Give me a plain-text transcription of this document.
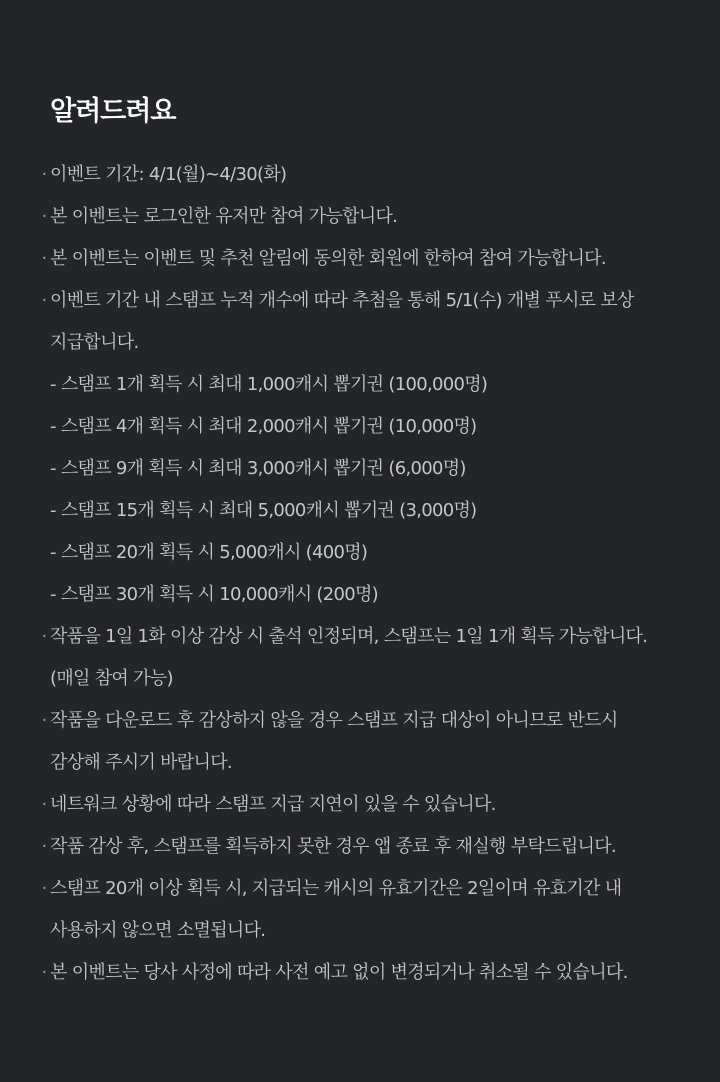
알려드려요
· 이벤트 기간: 4/1(월)~4/30(화)
· 본 이벤트는 로그인한 유저만 참여 가능합니다.
· 본 이벤트는 이벤트 및 추천 알림에 동의한 회원에 한하여 참여 가능합니다.
· 이벤트 기간 내 스탬프 누적 개수에 따라 추첨을 통해 5/1(수) 개별 푸시로 보상
지급합니다.
- 스탬프 1개 획득 시 최대 1,000캐시 뽑기권 (100,000명)
- 스탬프 4개 획득 시 최대 2,000캐시 뽑기권 (10,000명)
- 스탬프 9개 획득 시 최대 3,000캐시 뽑기권 (6,000명)
- 스탬프 15개 획득 시 최대 5,000캐시 뽑기권 (3,000명)
- 스탬프 20개 획득 시 5,000캐시 (400명)
- 스탬프 30개 획득 시 10,000캐시 (200명)
· 작품을 1일 1화 이상 감상 시 출석 인정되며, 스탬프는 1일 1개 획득 가능합니다.
(매일 참여 가능)
· 작품을 다운로드 후 감상하지 않을 경우 스탬프 지급 대상이 아니므로 반드시
감상해 주시기 바랍니다.
· 네트워크 상황에 따라 스탬프 지급 지연이 있을 수 있습니다.
· 작품 감상 후, 스탬프를 획득하지 못한 경우 앱 종료 후 재실행 부탁드립니다.
· 스탬프 20개 이상 획득 시, 지급되는 캐시의 유효기간은 2일이며 유효기간 내
사용하지 않으면 소멸됩니다.
· 본 이벤트는 당사 사정에 따라 사전 예고 없이 변경되거나 취소될 수 있습니다.
